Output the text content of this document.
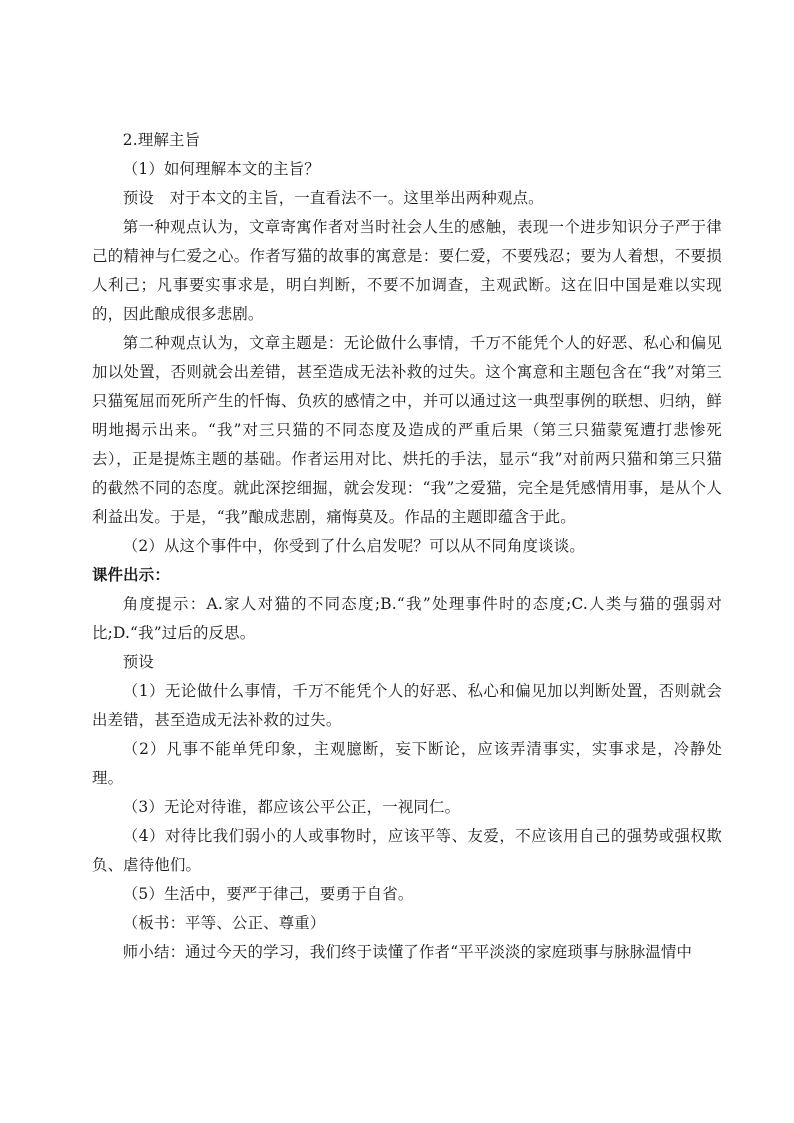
2.理解主旨

（1）如何理解本文的主旨？

预设　对于本文的主旨，一直看法不一。这里举出两种观点。

第一种观点认为，文章寄寓作者对当时社会人生的感触，表现一个进步知识分子严于律己的精神与仁爱之心。作者写猫的故事的寓意是：要仁爱，不要残忍；要为人着想，不要损人利己；凡事要实事求是，明白判断，不要不加调查，主观武断。这在旧中国是难以实现的，因此酿成很多悲剧。

第二种观点认为，文章主题是：无论做什么事情，千万不能凭个人的好恶、私心和偏见加以处置，否则就会出差错，甚至造成无法补救的过失。这个寓意和主题包含在“我”对第三只猫冤屈而死所产生的忏悔、负疚的感情之中，并可以通过这一典型事例的联想、归纳，鲜明地揭示出来。“我”对三只猫的不同态度及造成的严重后果（第三只猫蒙冤遭打悲惨死去），正是提炼主题的基础。作者运用对比、烘托的手法，显示“我”对前两只猫和第三只猫的截然不同的态度。就此深挖细掘，就会发现：“我”之爱猫，完全是凭感情用事，是从个人利益出发。于是，“我”酿成悲剧，痛悔莫及。作品的主题即蕴含于此。

（2）从这个事件中，你受到了什么启发呢？可以从不同角度谈谈。

课件出示：

角度提示：A.家人对猫的不同态度;B.“我”处理事件时的态度;C.人类与猫的强弱对比;D.“我”过后的反思。

预设

（1）无论做什么事情，千万不能凭个人的好恶、私心和偏见加以判断处置，否则就会出差错，甚至造成无法补救的过失。

（2）凡事不能单凭印象，主观臆断，妄下断论，应该弄清事实，实事求是，冷静处理。

（3）无论对待谁，都应该公平公正，一视同仁。

（4）对待比我们弱小的人或事物时，应该平等、友爱，不应该用自己的强势或强权欺负、虐待他们。

（5）生活中，要严于律己，要勇于自省。

（板书：平等、公正、尊重）

师小结：通过今天的学习，我们终于读懂了作者“平平淡淡的家庭琐事与脉脉温情中
